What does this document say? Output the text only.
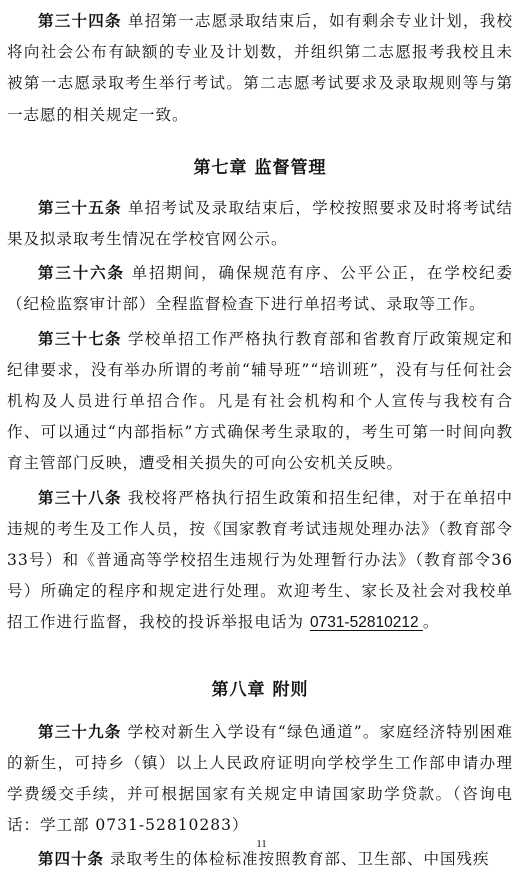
第三十四条 单招第一志愿录取结束后，如有剩余专业计划，我校将向社会公布有缺额的专业及计划数，并组织第二志愿报考我校且未被第一志愿录取考生举行考试。第二志愿考试要求及录取规则等与第一志愿的相关规定一致。

第七章 监督管理

第三十五条 单招考试及录取结束后，学校按照要求及时将考试结果及拟录取考生情况在学校官网公示。

第三十六条 单招期间，确保规范有序、公平公正，在学校纪委（纪检监察审计部）全程监督检查下进行单招考试、录取等工作。

第三十七条 学校单招工作严格执行教育部和省教育厅政策规定和纪律要求，没有举办所谓的考前“辅导班”“培训班”，没有与任何社会机构及人员进行单招合作。凡是有社会机构和个人宣传与我校有合作、可以通过“内部指标”方式确保考生录取的，考生可第一时间向教育主管部门反映，遭受相关损失的可向公安机关反映。

第三十八条 我校将严格执行招生政策和招生纪律，对于在单招中违规的考生及工作人员，按《国家教育考试违规处理办法》（教育部令33号）和《普通高等学校招生违规行为处理暂行办法》（教育部令36号）所确定的程序和规定进行处理。欢迎考生、家长及社会对我校单招工作进行监督，我校的投诉举报电话为 0731-52810212 。

第八章 附则

第三十九条 学校对新生入学设有“绿色通道”。家庭经济特别困难的新生，可持乡（镇）以上人民政府证明向学校学生工作部申请办理学费缓交手续，并可根据国家有关规定申请国家助学贷款。（咨询电话：学工部 0731-52810283）

第四十条 录取考生的体检标准按照教育部、卫生部、中国残疾

11
